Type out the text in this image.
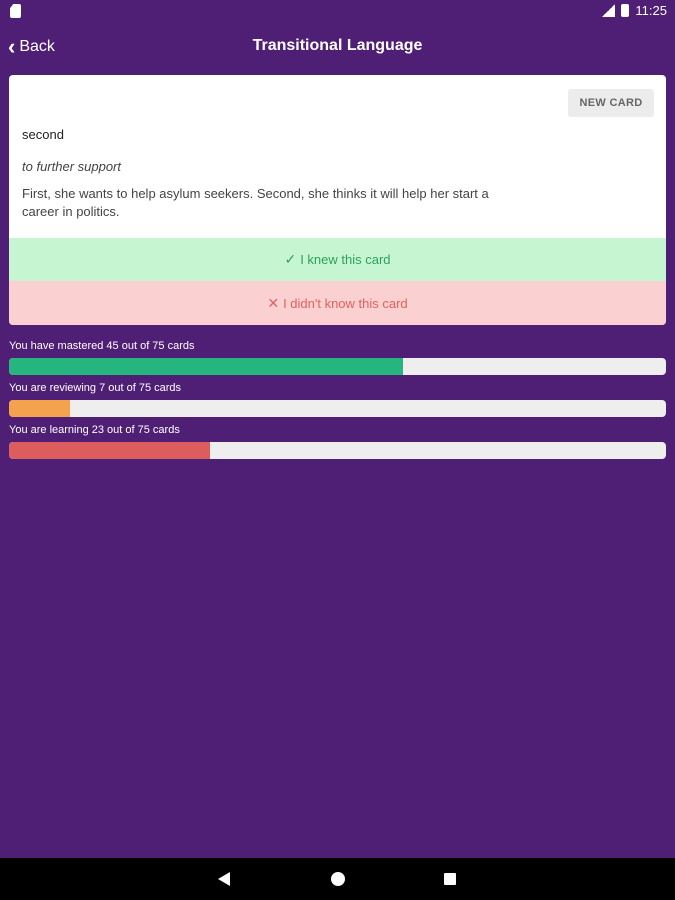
11:25
‹ Back	Transitional Language
NEW CARD
second
to further support
First, she wants to help asylum seekers. Second, she thinks it will help her start a career in politics.
✓ I knew this card
✕ I didn't know this card
You have mastered 45 out of 75 cards
You are reviewing 7 out of 75 cards
You are learning 23 out of 75 cards
